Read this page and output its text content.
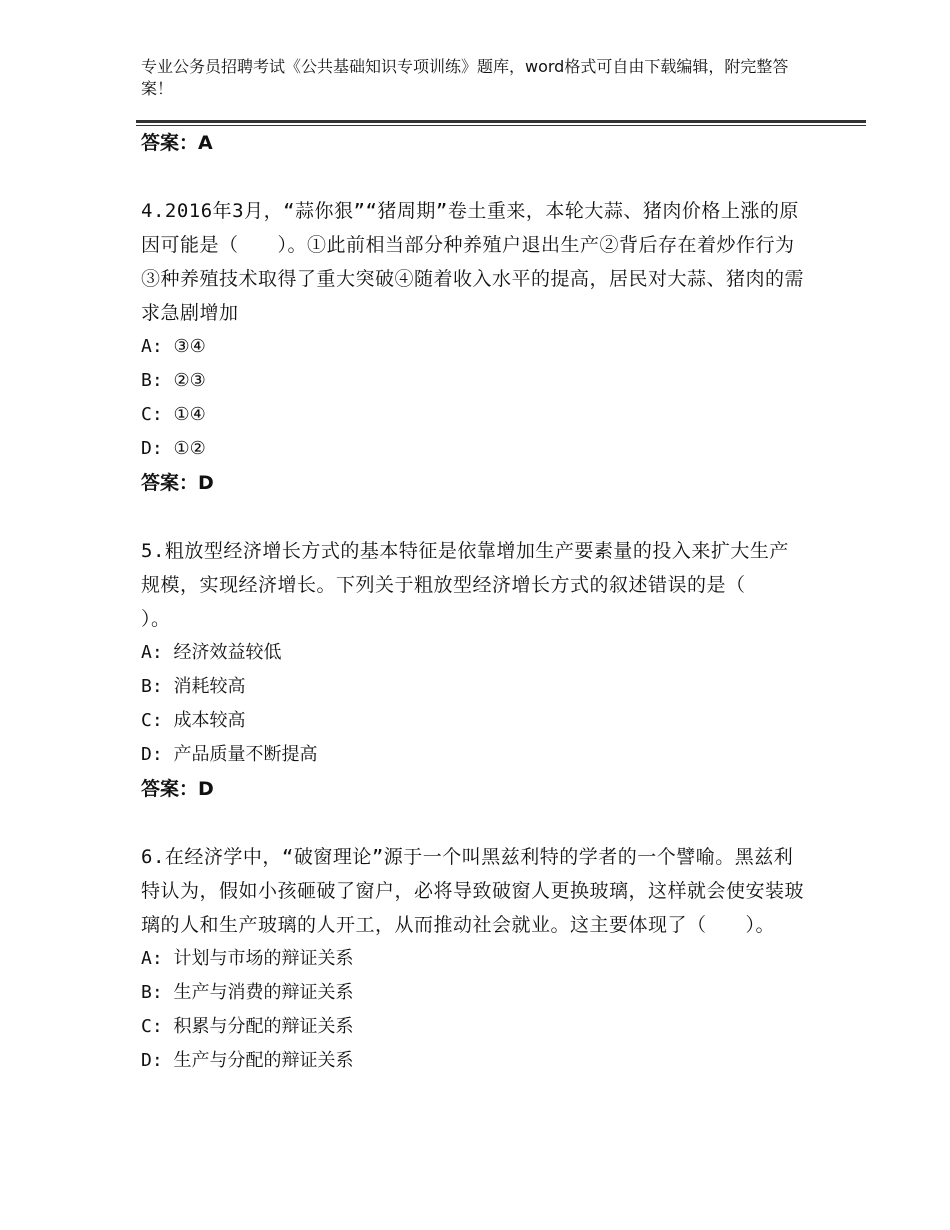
专业公务员招聘考试《公共基础知识专项训练》题库，word格式可自由下载编辑，附完整答案！

答案：A

4.2016年3月，“蒜你狠”“猪周期”卷土重来，本轮大蒜、猪肉价格上涨的原因可能是（　　）。①此前相当部分种养殖户退出生产②背后存在着炒作行为③种养殖技术取得了重大突破④随着收入水平的提高，居民对大蒜、猪肉的需求急剧增加

A: ③④

B: ②③

C: ①④

D: ①②

答案：D

5.粗放型经济增长方式的基本特征是依靠增加生产要素量的投入来扩大生产规模，实现经济增长。下列关于粗放型经济增长方式的叙述错误的是（　　）。

A: 经济效益较低

B: 消耗较高

C: 成本较高

D: 产品质量不断提高

答案：D

6.在经济学中，“破窗理论”源于一个叫黑兹利特的学者的一个譬喻。黑兹利特认为，假如小孩砸破了窗户，必将导致破窗人更换玻璃，这样就会使安装玻璃的人和生产玻璃的人开工，从而推动社会就业。这主要体现了（　　）。

A: 计划与市场的辩证关系

B: 生产与消费的辩证关系

C: 积累与分配的辩证关系

D: 生产与分配的辩证关系
